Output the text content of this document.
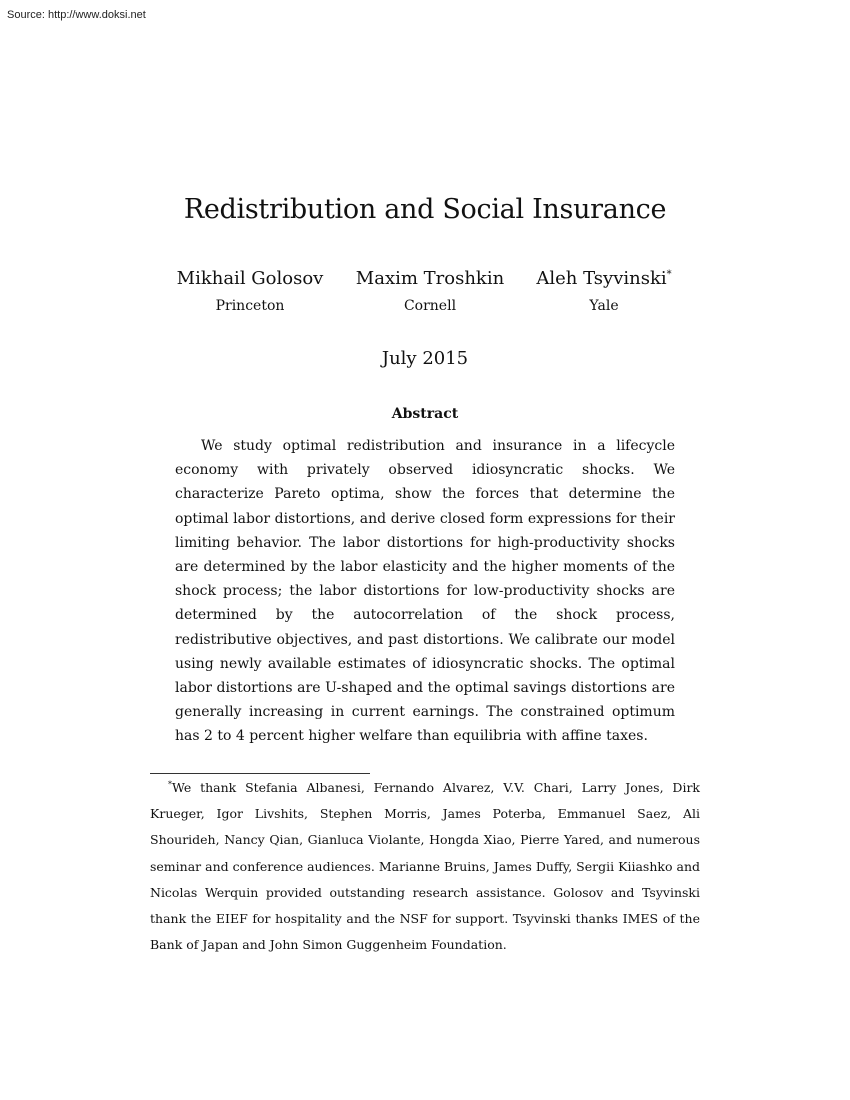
Source: http://www.doksi.net
Redistribution and Social Insurance
Mikhail Golosov
Princeton
Maxim Troshkin
Cornell
Aleh Tsyvinski*
Yale
July 2015
Abstract

We study optimal redistribution and insurance in a lifecycle economy with privately observed idiosyncratic shocks. We characterize Pareto optima, show the forces that determine the optimal labor distortions, and derive closed form expressions for their limiting behavior. The labor distortions for high-productivity shocks are determined by the labor elasticity and the higher moments of the shock process; the labor distortions for low-productivity shocks are determined by the autocorrelation of the shock process, redistributive objectives, and past distortions. We calibrate our model using newly available estimates of idiosyncratic shocks. The optimal labor distortions are U-shaped and the optimal savings distortions are generally increasing in current earnings. The constrained optimum has 2 to 4 percent higher welfare than equilibria with affine taxes.

*We thank Stefania Albanesi, Fernando Alvarez, V.V. Chari, Larry Jones, Dirk Krueger, Igor Livshits, Stephen Morris, James Poterba, Emmanuel Saez, Ali Shourideh, Nancy Qian, Gianluca Violante, Hongda Xiao, Pierre Yared, and numerous seminar and conference audiences. Marianne Bruins, James Duffy, Sergii Kiiashko and Nicolas Werquin provided outstanding research assistance. Golosov and Tsyvinski thank the EIEF for hospitality and the NSF for support. Tsyvinski thanks IMES of the Bank of Japan and John Simon Guggenheim Foundation.
